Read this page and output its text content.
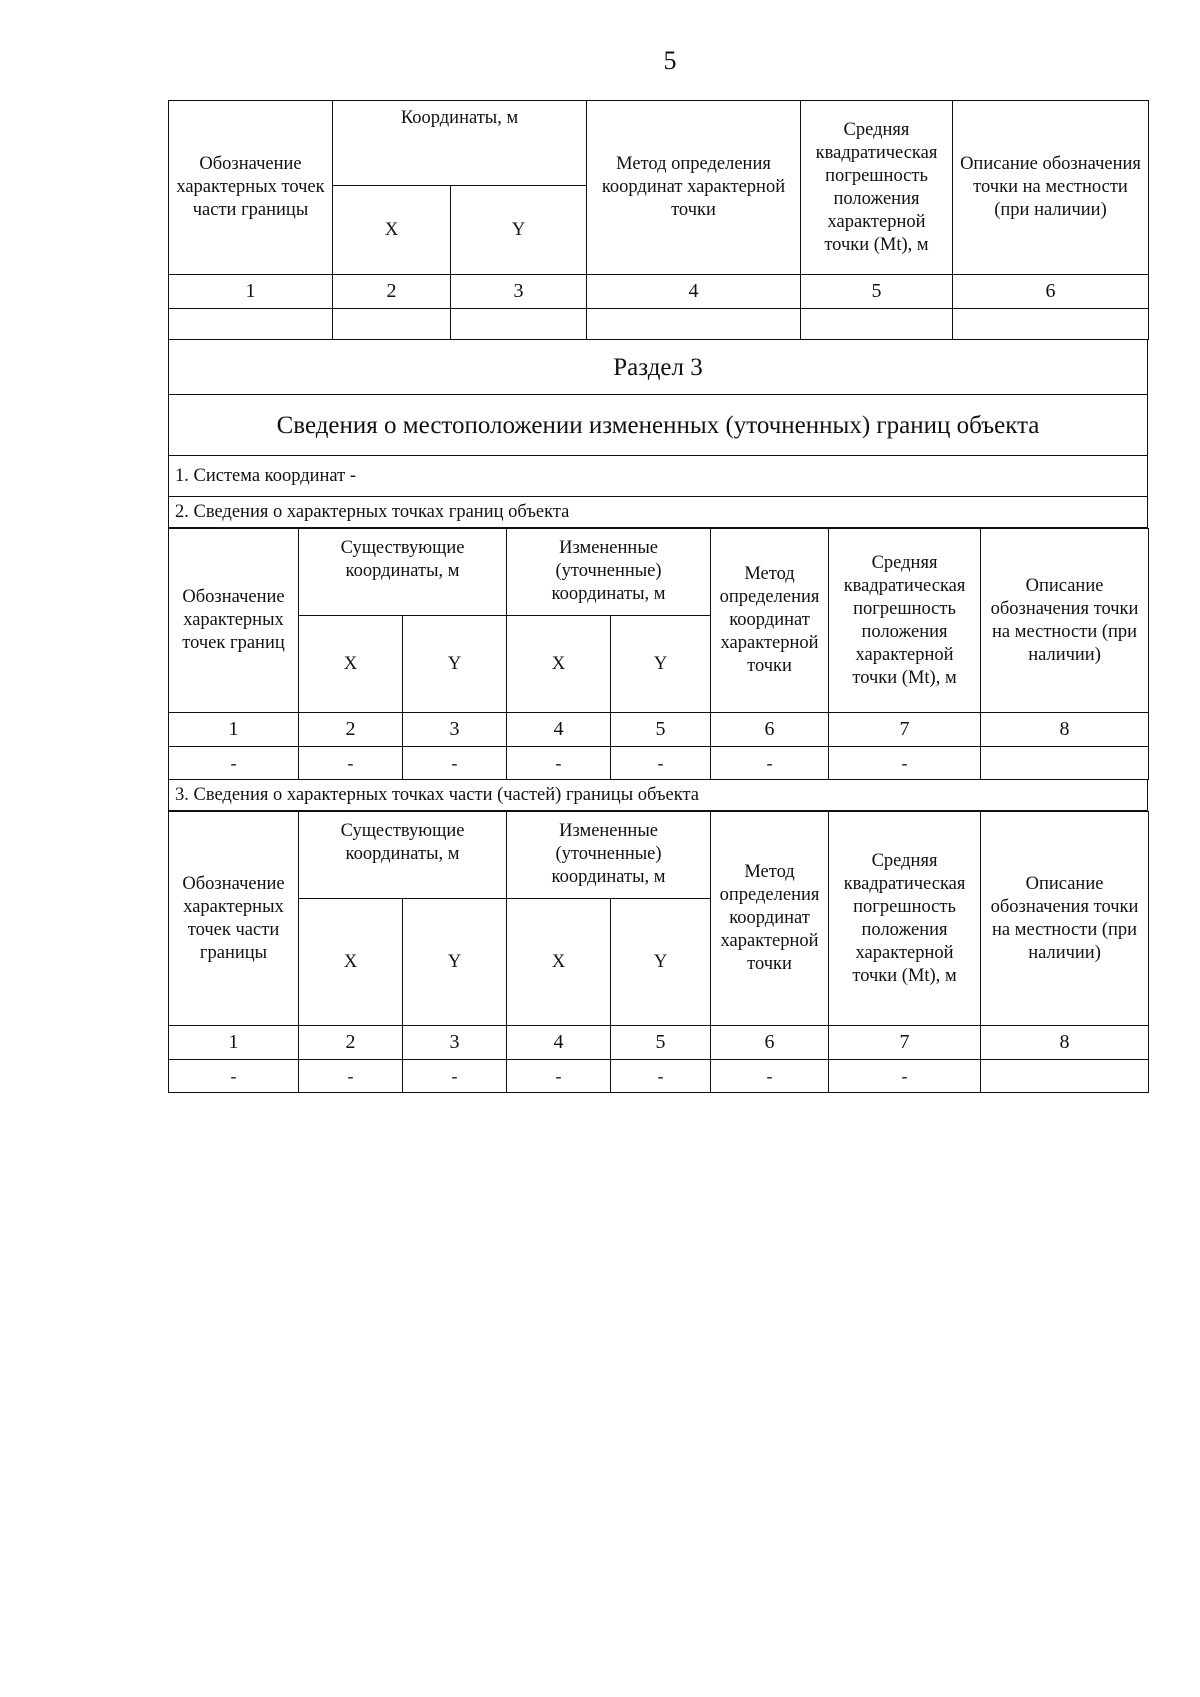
5
Обозначение характерных точек части границы	Координаты, м		Метод определения координат характерной точки	Средняя квадратическая погрешность положения характерной точки (Mt), м	Описание обозначения точки на местности (при наличии)
	X	Y			
1	2	3	4	5	6

Раздел 3
Сведения о местоположении измененных (уточненных) границ объекта
1. Система координат -
2. Сведения о характерных точках границ объекта
Обозначение характерных точек границ	Существующие координаты, м		Измененные (уточненные) координаты, м		Метод определения координат характерной точки	Средняя квадратическая погрешность положения характерной точки (Mt), м	Описание обозначения точки на местности (при наличии)
	X	Y	X	Y			
1	2	3	4	5	6	7	8
-	-	-	-	-	-	-	
3. Сведения о характерных точках части (частей) границы объекта
Обозначение характерных точек части границы	Существующие координаты, м		Измененные (уточненные) координаты, м		Метод определения координат характерной точки	Средняя квадратическая погрешность положения характерной точки (Mt), м	Описание обозначения точки на местности (при наличии)
	X	Y	X	Y			
1	2	3	4	5	6	7	8
-	-	-	-	-	-	-	
